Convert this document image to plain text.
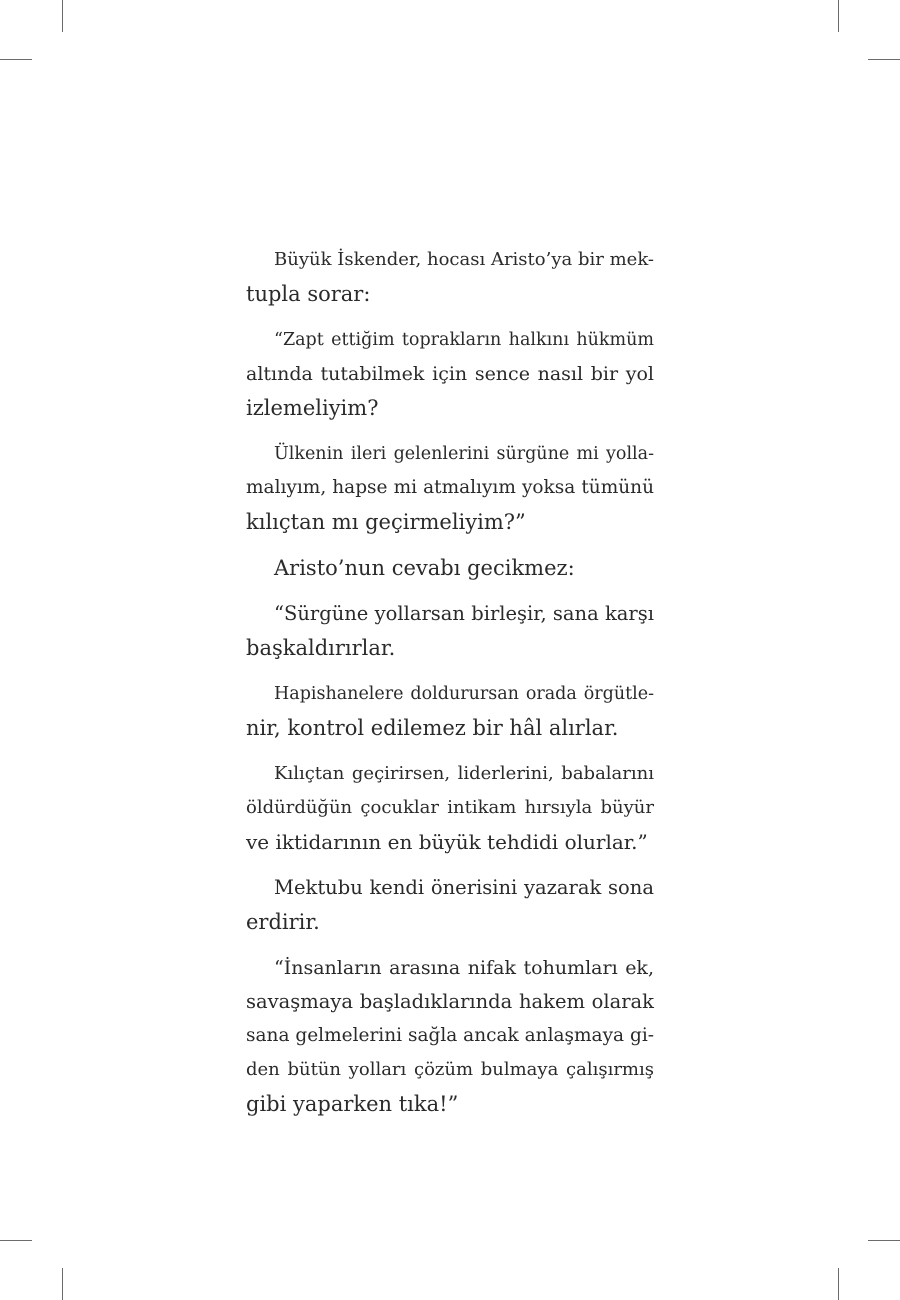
Büyük İskender, hocası Aristo’ya bir mek-
tupla sorar:

“Zapt ettiğim toprakların halkını hükmüm
altında tutabilmek için sence nasıl bir yol
izlemeliyim?

Ülkenin ileri gelenlerini sürgüne mi yolla-
malıyım, hapse mi atmalıyım yoksa tümünü
kılıçtan mı geçirmeliyim?”

Aristo’nun cevabı gecikmez:

“Sürgüne yollarsan birleşir, sana karşı
başkaldırırlar.

Hapishanelere doldurursan orada örgütle-
nir, kontrol edilemez bir hâl alırlar.

Kılıçtan geçirirsen, liderlerini, babalarını
öldürdüğün çocuklar intikam hırsıyla büyür
ve iktidarının en büyük tehdidi olurlar.”

Mektubu kendi önerisini yazarak sona
erdirir.

“İnsanların arasına nifak tohumları ek,
savaşmaya başladıklarında hakem olarak
sana gelmelerini sağla ancak anlaşmaya gi-
den bütün yolları çözüm bulmaya çalışırmış
gibi yaparken tıka!”
